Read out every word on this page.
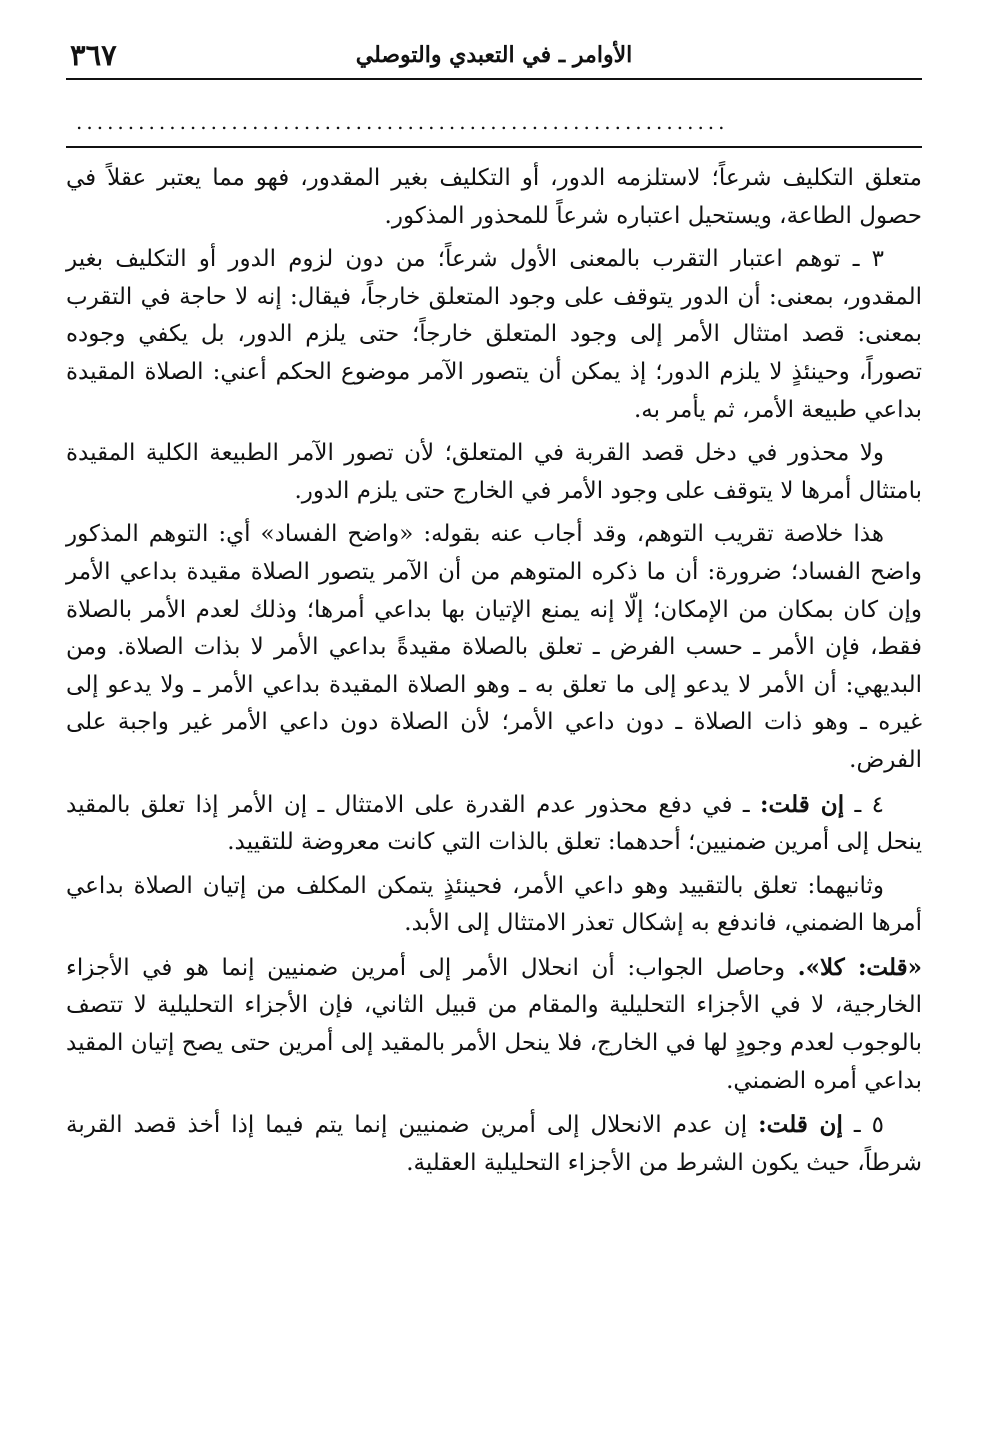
٣٦٧	الأوامر ـ في التعبدي والتوصلي
...............................................................

متعلق التكليف شرعاً؛ لاستلزمه الدور، أو التكليف بغير المقدور، فهو مما يعتبر عقلاً في حصول الطاعة، ويستحيل اعتباره شرعاً للمحذور المذكور.

٣ ـ توهم اعتبار التقرب بالمعنى الأول شرعاً؛ من دون لزوم الدور أو التكليف بغير المقدور، بمعنى: أن الدور يتوقف على وجود المتعلق خارجاً، فيقال: إنه لا حاجة في التقرب بمعنى: قصد امتثال الأمر إلى وجود المتعلق خارجاً؛ حتى يلزم الدور، بل يكفي وجوده تصوراً، وحينئذٍ لا يلزم الدور؛ إذ يمكن أن يتصور الآمر موضوع الحكم أعني: الصلاة المقيدة بداعي طبيعة الأمر، ثم يأمر به.

ولا محذور في دخل قصد القربة في المتعلق؛ لأن تصور الآمر الطبيعة الكلية المقيدة بامتثال أمرها لا يتوقف على وجود الأمر في الخارج حتى يلزم الدور.

هذا خلاصة تقريب التوهم، وقد أجاب عنه بقوله: «واضح الفساد» أي: التوهم المذكور واضح الفساد؛ ضرورة: أن ما ذكره المتوهم من أن الآمر يتصور الصلاة مقيدة بداعي الأمر وإن كان بمكان من الإمكان؛ إلّا إنه يمنع الإتيان بها بداعي أمرها؛ وذلك لعدم الأمر بالصلاة فقط، فإن الأمر ـ حسب الفرض ـ تعلق بالصلاة مقيدةً بداعي الأمر لا بذات الصلاة. ومن البديهي: أن الأمر لا يدعو إلى ما تعلق به ـ وهو الصلاة المقيدة بداعي الأمر ـ ولا يدعو إلى غيره ـ وهو ذات الصلاة ـ دون داعي الأمر؛ لأن الصلاة دون داعي الأمر غير واجبة على الفرض.

٤ ـ إن قلت: ـ في دفع محذور عدم القدرة على الامتثال ـ إن الأمر إذا تعلق بالمقيد ينحل إلى أمرين ضمنيين؛ أحدهما: تعلق بالذات التي كانت معروضة للتقييد.

وثانيهما: تعلق بالتقييد وهو داعي الأمر، فحينئذٍ يتمكن المكلف من إتيان الصلاة بداعي أمرها الضمني، فاندفع به إشكال تعذر الامتثال إلى الأبد.

«قلت: كلا». وحاصل الجواب: أن انحلال الأمر إلى أمرين ضمنيين إنما هو في الأجزاء الخارجية، لا في الأجزاء التحليلية والمقام من قبيل الثاني، فإن الأجزاء التحليلية لا تتصف بالوجوب لعدم وجودٍ لها في الخارج، فلا ينحل الأمر بالمقيد إلى أمرين حتى يصح إتيان المقيد بداعي أمره الضمني.

٥ ـ إن قلت: إن عدم الانحلال إلى أمرين ضمنيين إنما يتم فيما إذا أخذ قصد القربة شرطاً، حيث يكون الشرط من الأجزاء التحليلية العقلية.
